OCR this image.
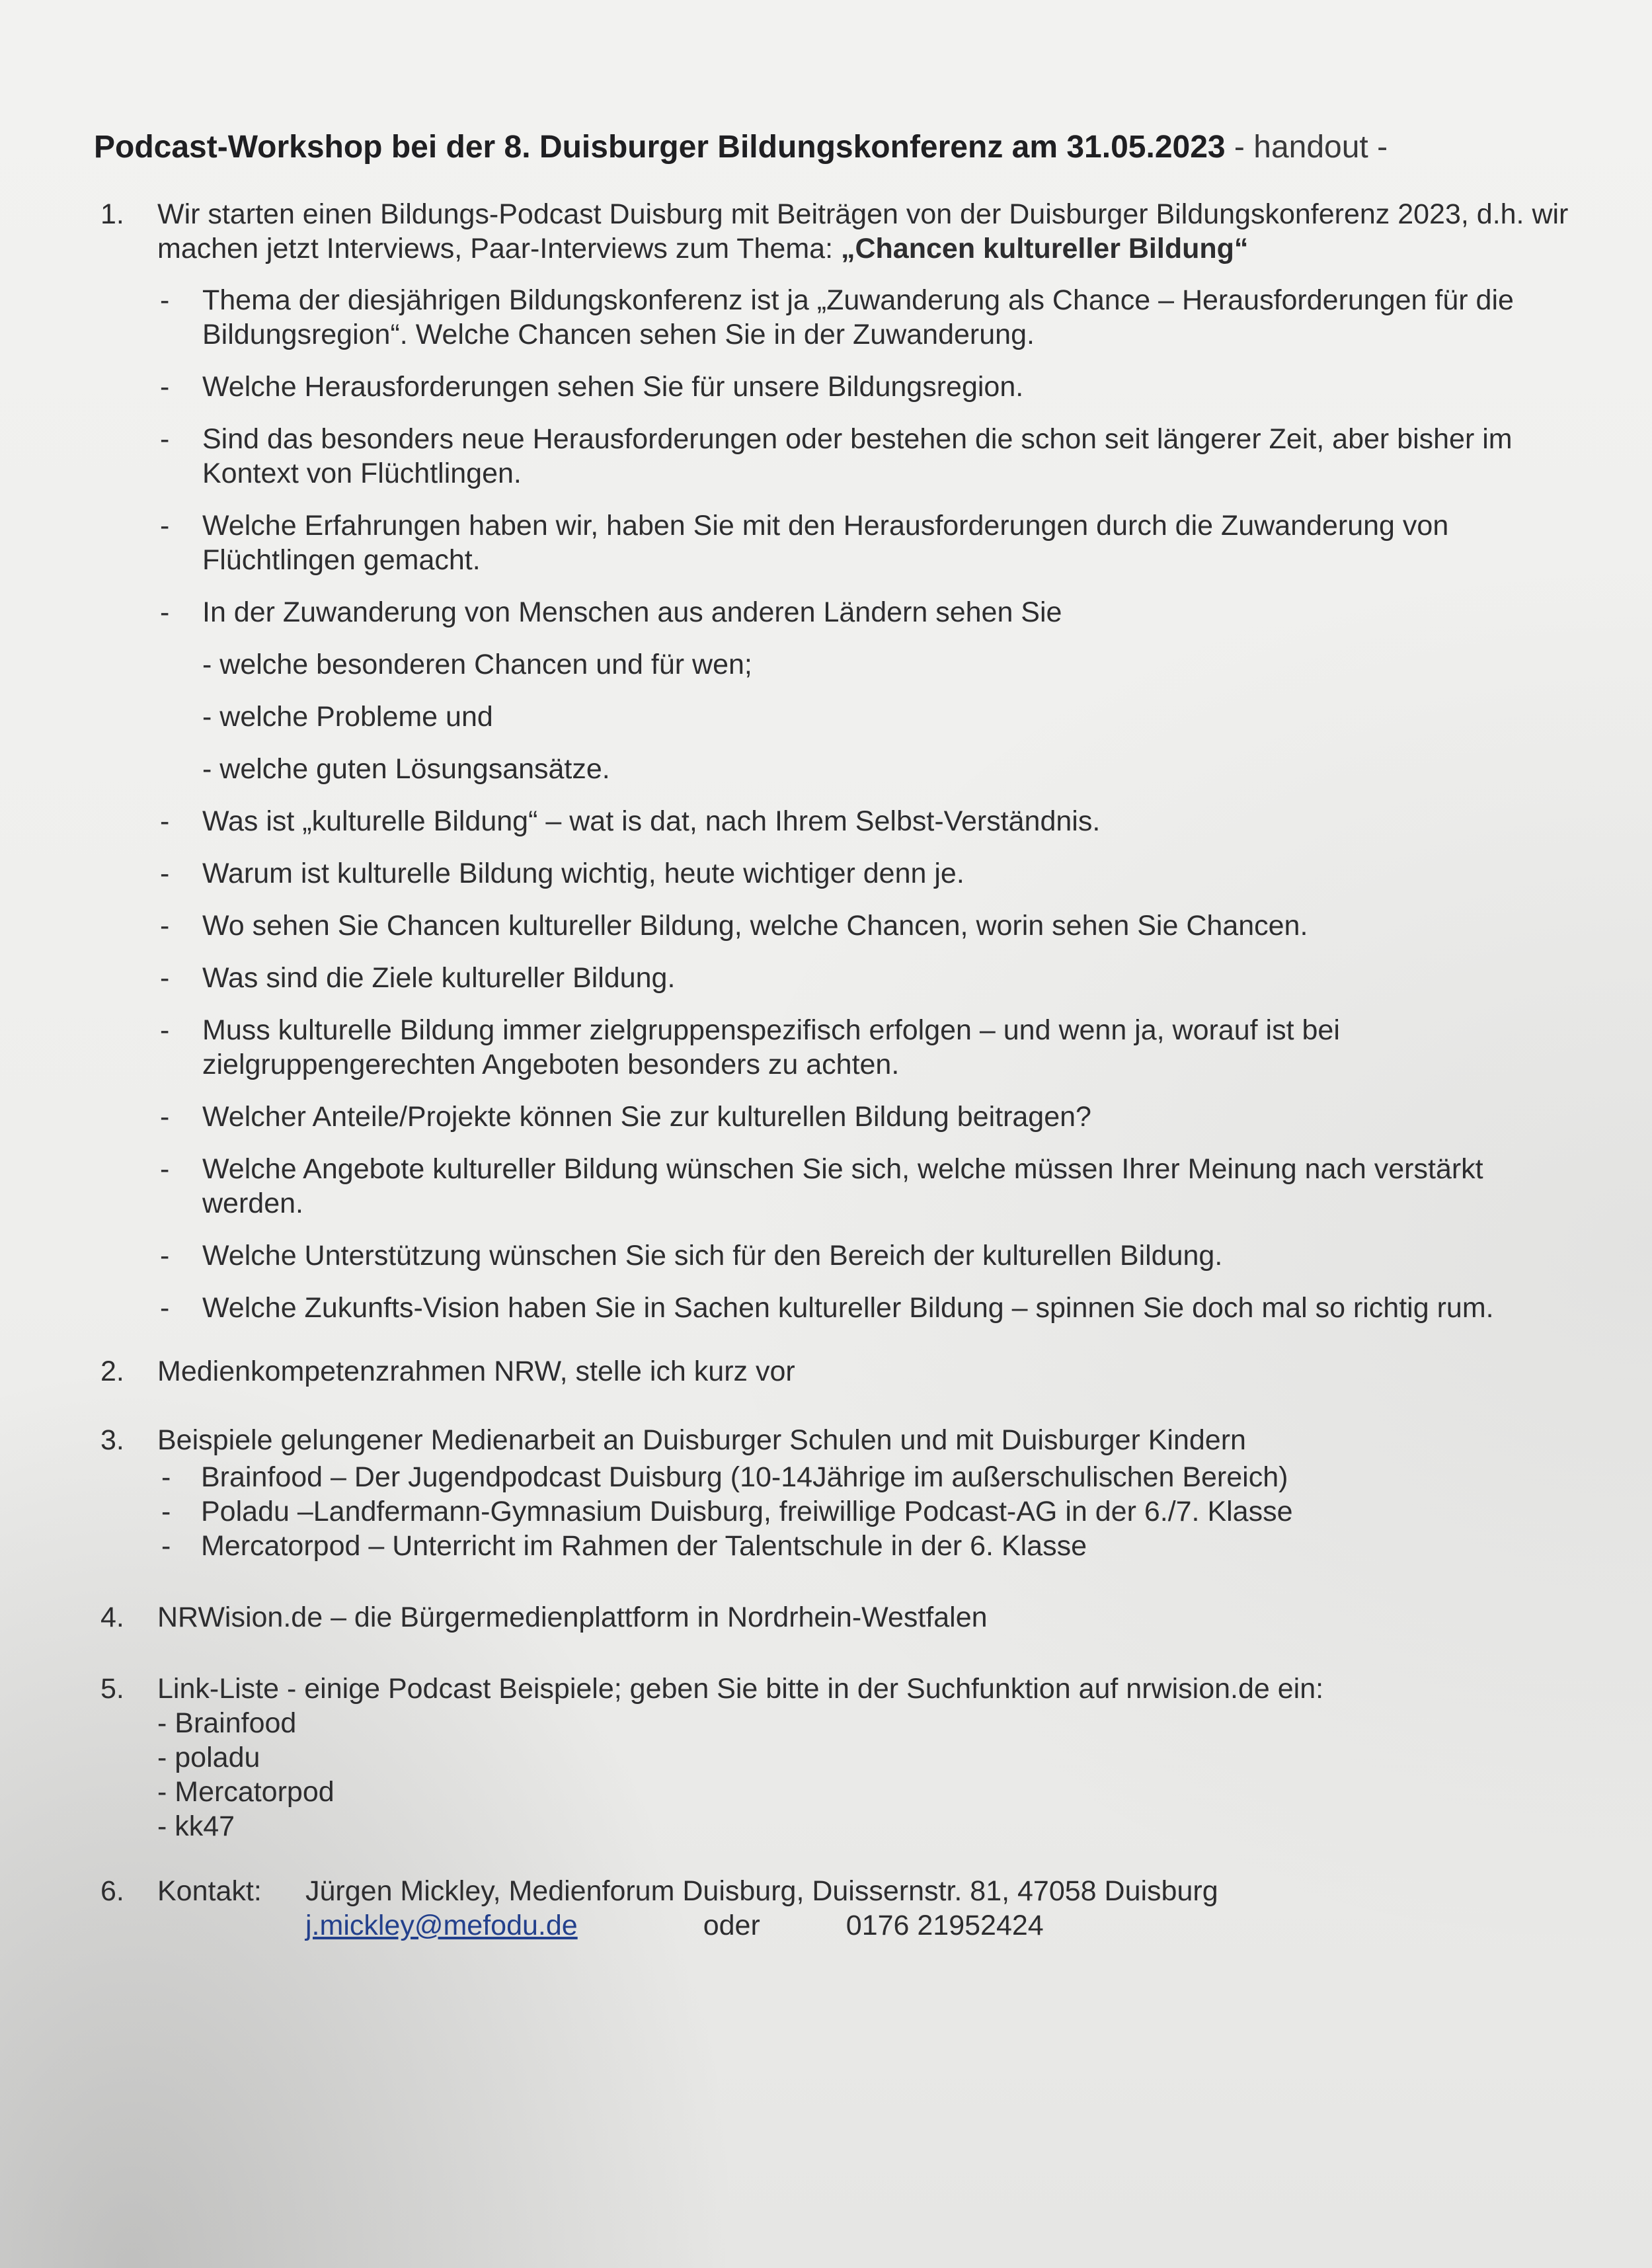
Podcast-Workshop bei der 8. Duisburger Bildungskonferenz am 31.05.2023 - handout -
1. Wir starten einen Bildungs-Podcast Duisburg mit Beiträgen von der Duisburger Bildungskonferenz 2023, d.h. wir machen jetzt Interviews, Paar-Interviews zum Thema: „Chancen kultureller Bildung“

- Thema der diesjährigen Bildungskonferenz ist ja „Zuwanderung als Chance – Herausforderungen für die Bildungsregion“. Welche Chancen sehen Sie in der Zuwanderung.
- Welche Herausforderungen sehen Sie für unsere Bildungsregion.
- Sind das besonders neue Herausforderungen oder bestehen die schon seit längerer Zeit, aber bisher im Kontext von Flüchtlingen.
- Welche Erfahrungen haben wir, haben Sie mit den Herausforderungen durch die Zuwanderung von Flüchtlingen gemacht.
- In der Zuwanderung von Menschen aus anderen Ländern sehen Sie
- welche besonderen Chancen und für wen;
- welche Probleme und
- welche guten Lösungsansätze.
- Was ist „kulturelle Bildung“ – wat is dat, nach Ihrem Selbst-Verständnis.
- Warum ist kulturelle Bildung wichtig, heute wichtiger denn je.
- Wo sehen Sie Chancen kultureller Bildung, welche Chancen, worin sehen Sie Chancen.
- Was sind die Ziele kultureller Bildung.
- Muss kulturelle Bildung immer zielgruppenspezifisch erfolgen – und wenn ja, worauf ist bei zielgruppengerechten Angeboten besonders zu achten.
- Welcher Anteile/Projekte können Sie zur kulturellen Bildung beitragen?
- Welche Angebote kultureller Bildung wünschen Sie sich, welche müssen Ihrer Meinung nach verstärkt werden.
- Welche Unterstützung wünschen Sie sich für den Bereich der kulturellen Bildung.
- Welche Zukunfts-Vision haben Sie in Sachen kultureller Bildung – spinnen Sie doch mal so richtig rum.
2. Medienkompetenzrahmen NRW, stelle ich kurz vor
3. Beispiele gelungener Medienarbeit an Duisburger Schulen und mit Duisburger Kindern
- Brainfood – Der Jugendpodcast Duisburg (10-14Jährige im außerschulischen Bereich)
- Poladu –Landfermann-Gymnasium Duisburg, freiwillige Podcast-AG in der 6./7. Klasse
- Mercatorpod – Unterricht im Rahmen der Talentschule in der 6. Klasse
4. NRWision.de – die Bürgermedienplattform in Nordrhein-Westfalen
5. Link-Liste - einige Podcast Beispiele; geben Sie bitte in der Suchfunktion auf nrwision.de ein:
- Brainfood
- poladu
- Mercatorpod
- kk47
6. Kontakt:	Jürgen Mickley, Medienforum Duisburg, Duissernstr. 81, 47058 Duisburg
j.mickley@mefodu.de	oder	0176 21952424
